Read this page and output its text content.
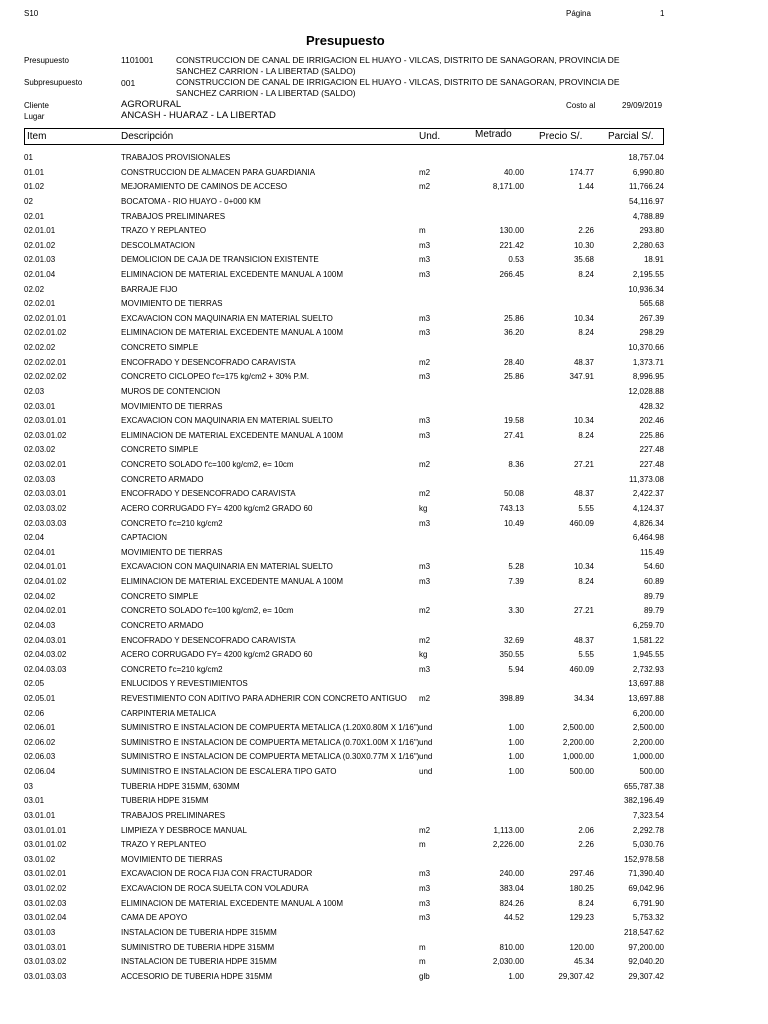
S10	Página	1
Presupuesto
Presupuesto	1101001	CONSTRUCCION DE CANAL DE IRRIGACION EL HUAYO - VILCAS, DISTRITO DE SANAGORAN, PROVINCIA DE
SANCHEZ CARRION - LA LIBERTAD (SALDO)
Subpresupuesto	001	CONSTRUCCION DE CANAL DE IRRIGACION EL HUAYO - VILCAS, DISTRITO DE SANAGORAN, PROVINCIA DE
SANCHEZ CARRION - LA LIBERTAD (SALDO)
Cliente	AGRORURAL	Costo al	29/09/2019
Lugar	ANCASH - HUARAZ - LA LIBERTAD
Item	Descripción	Und.	Metrado	Precio S/.	Parcial S/.
01	TRABAJOS PROVISIONALES	18,757.04
01.01	CONSTRUCCION DE ALMACEN PARA GUARDIANIA	m2	40.00	174.77	6,990.80
01.02	MEJORAMIENTO DE CAMINOS DE ACCESO	m2	8,171.00	1.44	11,766.24
02	BOCATOMA - RIO HUAYO - 0+000 KM	54,116.97
02.01	TRABAJOS PRELIMINARES	4,788.89
02.01.01	TRAZO Y REPLANTEO	m	130.00	2.26	293.80
02.01.02	DESCOLMATACION	m3	221.42	10.30	2,280.63
02.01.03	DEMOLICION DE CAJA DE TRANSICION EXISTENTE	m3	0.53	35.68	18.91
02.01.04	ELIMINACION DE MATERIAL EXCEDENTE MANUAL A 100M	m3	266.45	8.24	2,195.55
02.02	BARRAJE FIJO	10,936.34
02.02.01	MOVIMIENTO DE TIERRAS	565.68
02.02.01.01	EXCAVACION CON MAQUINARIA EN MATERIAL SUELTO	m3	25.86	10.34	267.39
02.02.01.02	ELIMINACION DE MATERIAL EXCEDENTE MANUAL A 100M	m3	36.20	8.24	298.29
02.02.02	CONCRETO SIMPLE	10,370.66
02.02.02.01	ENCOFRADO Y DESENCOFRADO CARAVISTA	m2	28.40	48.37	1,373.71
02.02.02.02	CONCRETO CICLOPEO f'c=175 kg/cm2 + 30% P.M.	m3	25.86	347.91	8,996.95
02.03	MUROS DE CONTENCION	12,028.88
02.03.01	MOVIMIENTO DE TIERRAS	428.32
02.03.01.01	EXCAVACION CON MAQUINARIA EN MATERIAL SUELTO	m3	19.58	10.34	202.46
02.03.01.02	ELIMINACION DE MATERIAL EXCEDENTE MANUAL A 100M	m3	27.41	8.24	225.86
02.03.02	CONCRETO SIMPLE	227.48
02.03.02.01	CONCRETO SOLADO f'c=100 kg/cm2, e= 10cm	m2	8.36	27.21	227.48
02.03.03	CONCRETO ARMADO	11,373.08
02.03.03.01	ENCOFRADO Y DESENCOFRADO CARAVISTA	m2	50.08	48.37	2,422.37
02.03.03.02	ACERO CORRUGADO FY= 4200 kg/cm2 GRADO 60	kg	743.13	5.55	4,124.37
02.03.03.03	CONCRETO f'c=210 kg/cm2	m3	10.49	460.09	4,826.34
02.04	CAPTACION	6,464.98
02.04.01	MOVIMIENTO DE TIERRAS	115.49
02.04.01.01	EXCAVACION CON MAQUINARIA EN MATERIAL SUELTO	m3	5.28	10.34	54.60
02.04.01.02	ELIMINACION DE MATERIAL EXCEDENTE MANUAL A 100M	m3	7.39	8.24	60.89
02.04.02	CONCRETO SIMPLE	89.79
02.04.02.01	CONCRETO SOLADO f'c=100 kg/cm2, e= 10cm	m2	3.30	27.21	89.79
02.04.03	CONCRETO ARMADO	6,259.70
02.04.03.01	ENCOFRADO Y DESENCOFRADO CARAVISTA	m2	32.69	48.37	1,581.22
02.04.03.02	ACERO CORRUGADO FY= 4200 kg/cm2 GRADO 60	kg	350.55	5.55	1,945.55
02.04.03.03	CONCRETO f'c=210 kg/cm2	m3	5.94	460.09	2,732.93
02.05	ENLUCIDOS Y REVESTIMIENTOS	13,697.88
02.05.01	REVESTIMIENTO CON ADITIVO PARA ADHERIR CON CONCRETO ANTIGUO m2	398.89	34.34	13,697.88
02.06	CARPINTERIA METALICA	6,200.00
02.06.01	SUMINISTRO E INSTALACION DE COMPUERTA METALICA (1.20X0.80M X 1/16") und	1.00	2,500.00	2,500.00
02.06.02	SUMINISTRO E INSTALACION DE COMPUERTA METALICA (0.70X1.00M X 1/16") und	1.00	2,200.00	2,200.00
02.06.03	SUMINISTRO E INSTALACION DE COMPUERTA METALICA (0.30X0.77M X 1/16") und	1.00	1,000.00	1,000.00
02.06.04	SUMINISTRO E INSTALACION DE ESCALERA TIPO GATO	und	1.00	500.00	500.00
03	TUBERIA HDPE 315MM, 630MM	655,787.38
03.01	TUBERIA HDPE 315MM	382,196.49
03.01.01	TRABAJOS PRELIMINARES	7,323.54
03.01.01.01	LIMPIEZA Y DESBROCE MANUAL	m2	1,113.00	2.06	2,292.78
03.01.01.02	TRAZO Y REPLANTEO	m	2,226.00	2.26	5,030.76
03.01.02	MOVIMIENTO DE TIERRAS	152,978.58
03.01.02.01	EXCAVACION DE ROCA FIJA CON FRACTURADOR	m3	240.00	297.46	71,390.40
03.01.02.02	EXCAVACION DE ROCA SUELTA CON VOLADURA	m3	383.04	180.25	69,042.96
03.01.02.03	ELIMINACION DE MATERIAL EXCEDENTE MANUAL A 100M	m3	824.26	8.24	6,791.90
03.01.02.04	CAMA DE APOYO	m3	44.52	129.23	5,753.32
03.01.03	INSTALACION DE TUBERIA HDPE 315MM	218,547.62
03.01.03.01	SUMINISTRO DE TUBERIA HDPE 315MM	m	810.00	120.00	97,200.00
03.01.03.02	INSTALACION DE TUBERIA HDPE 315MM	m	2,030.00	45.34	92,040.20
03.01.03.03	ACCESORIO DE TUBERIA HDPE 315MM	glb	1.00	29,307.42	29,307.42
